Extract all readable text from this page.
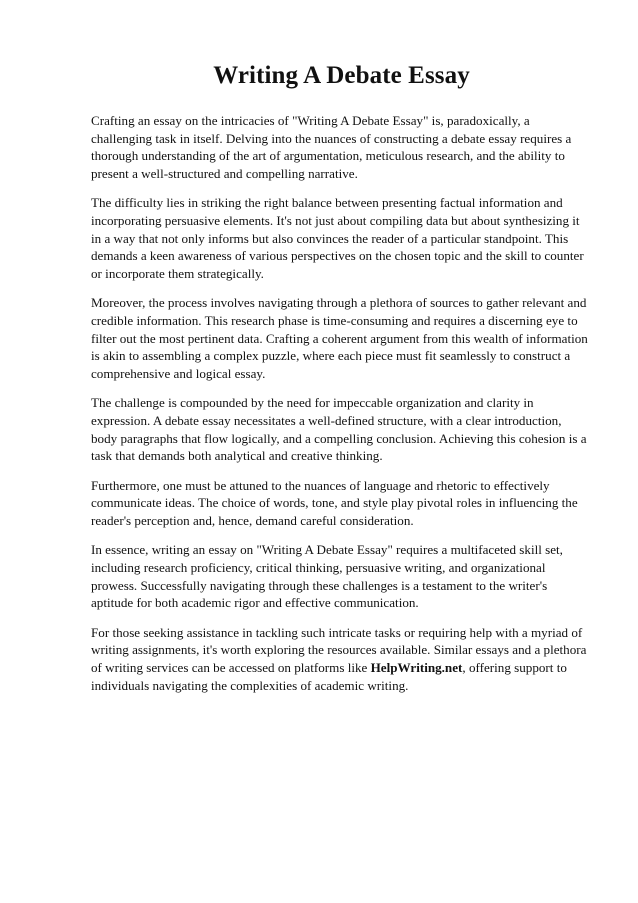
Writing A Debate Essay

Crafting an essay on the intricacies of "Writing A Debate Essay" is, paradoxically, a challenging task in itself. Delving into the nuances of constructing a debate essay requires a thorough understanding of the art of argumentation, meticulous research, and the ability to present a well-structured and compelling narrative.

The difficulty lies in striking the right balance between presenting factual information and incorporating persuasive elements. It's not just about compiling data but about synthesizing it in a way that not only informs but also convinces the reader of a particular standpoint. This demands a keen awareness of various perspectives on the chosen topic and the skill to counter or incorporate them strategically.

Moreover, the process involves navigating through a plethora of sources to gather relevant and credible information. This research phase is time-consuming and requires a discerning eye to filter out the most pertinent data. Crafting a coherent argument from this wealth of information is akin to assembling a complex puzzle, where each piece must fit seamlessly to construct a comprehensive and logical essay.

The challenge is compounded by the need for impeccable organization and clarity in expression. A debate essay necessitates a well-defined structure, with a clear introduction, body paragraphs that flow logically, and a compelling conclusion. Achieving this cohesion is a task that demands both analytical and creative thinking.

Furthermore, one must be attuned to the nuances of language and rhetoric to effectively communicate ideas. The choice of words, tone, and style play pivotal roles in influencing the reader's perception and, hence, demand careful consideration.

In essence, writing an essay on "Writing A Debate Essay" requires a multifaceted skill set, including research proficiency, critical thinking, persuasive writing, and organizational prowess. Successfully navigating through these challenges is a testament to the writer's aptitude for both academic rigor and effective communication.

For those seeking assistance in tackling such intricate tasks or requiring help with a myriad of writing assignments, it's worth exploring the resources available. Similar essays and a plethora of writing services can be accessed on platforms like HelpWriting.net, offering support to individuals navigating the complexities of academic writing.
